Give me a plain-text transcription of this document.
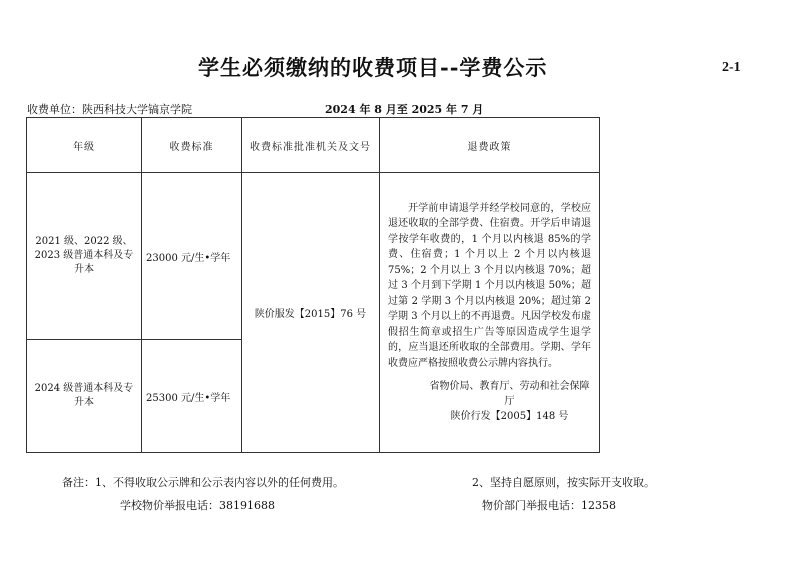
学生必须缴纳的收费项目--学费公示	2-1
收费单位：陕西科技大学镐京学院	2024 年 8 月至 2025 年 7 月
年级	收费标准	收费标准批准机关及文号	退费政策
2021 级、2022 级、2023 级普通本科及专升本	23000 元/生•学年	陕价服发【2015】76 号	开学前申请退学并经学校同意的，学校应退还收取的全部学费、住宿费。开学后申请退学按学年收费的，1 个月以内核退 85%的学费、住宿费；1 个月以上 2 个月以内核退 75%；2 个月以上 3 个月以内核退 70%；超过 3 个月到下学期 1 个月以内核退 50%；超过第 2 学期 3 个月以内核退 20%；超过第 2 学期 3 个月以上的不再退费。凡因学校发布虚假招生简章或招生广告等原因造成学生退学的，应当退还所收取的全部费用。学期、学年收费应严格按照收费公示牌内容执行。
省物价局、教育厅、劳动和社会保障厅
陕价行发【2005】148 号

2024 级普通本科及专升本	25300 元/生•学年		
备注：1、不得收取公示牌和公示表内容以外的任何费用。	2、坚持自愿原则，按实际开支收取。
学校物价举报电话：38191688	物价部门举报电话：12358
